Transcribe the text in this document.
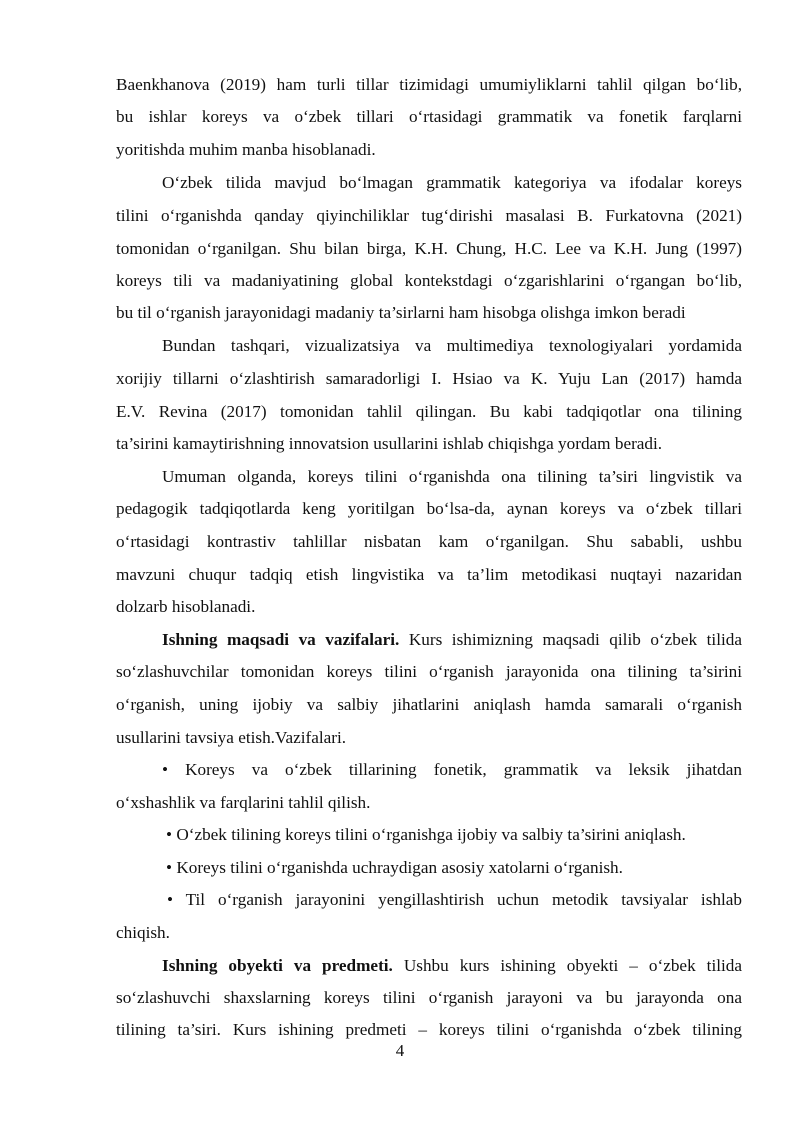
Baenkhanova (2019) ham turli tillar tizimidagi umumiyliklarni tahlil qilgan bo‘lib,
bu ishlar koreys va o‘zbek tillari o‘rtasidagi grammatik va fonetik farqlarni
yoritishda muhim manba hisoblanadi.
O‘zbek tilida mavjud bo‘lmagan grammatik kategoriya va ifodalar koreys
tilini o‘rganishda qanday qiyinchiliklar tug‘dirishi masalasi B. Furkatovna (2021)
tomonidan o‘rganilgan. Shu bilan birga, K.H. Chung, H.C. Lee va K.H. Jung (1997)
koreys tili va madaniyatining global kontekstdagi o‘zgarishlarini o‘rgangan bo‘lib,
bu til o‘rganish jarayonidagi madaniy ta’sirlarni ham hisobga olishga imkon beradi
Bundan tashqari, vizualizatsiya va multimediya texnologiyalari yordamida
xorijiy tillarni o‘zlashtirish samaradorligi I. Hsiao va K. Yuju Lan (2017) hamda
E.V. Revina (2017) tomonidan tahlil qilingan. Bu kabi tadqiqotlar ona tilining
ta’sirini kamaytirishning innovatsion usullarini ishlab chiqishga yordam beradi.
Umuman olganda, koreys tilini o‘rganishda ona tilining ta’siri lingvistik va
pedagogik tadqiqotlarda keng yoritilgan bo‘lsa-da, aynan koreys va o‘zbek tillari
o‘rtasidagi kontrastiv tahlillar nisbatan kam o‘rganilgan. Shu sababli, ushbu
mavzuni chuqur tadqiq etish lingvistika va ta’lim metodikasi nuqtayi nazaridan
dolzarb hisoblanadi.
Ishning maqsadi va vazifalari. Kurs ishimizning maqsadi qilib o‘zbek tilida
so‘zlashuvchilar tomonidan koreys tilini o‘rganish jarayonida ona tilining ta’sirini
o‘rganish, uning ijobiy va salbiy jihatlarini aniqlash hamda samarali o‘rganish
usullarini tavsiya etish.Vazifalari.
• Koreys va o‘zbek tillarining fonetik, grammatik va leksik jihatdan
o‘xshashlik va farqlarini tahlil qilish.
• O‘zbek tilining koreys tilini o‘rganishga ijobiy va salbiy ta’sirini aniqlash.
• Koreys tilini o‘rganishda uchraydigan asosiy xatolarni o‘rganish.
• Til o‘rganish jarayonini yengillashtirish uchun metodik tavsiyalar ishlab
chiqish.
Ishning obyekti va predmeti. Ushbu kurs ishining obyekti – o‘zbek tilida
so‘zlashuvchi shaxslarning koreys tilini o‘rganish jarayoni va bu jarayonda ona
tilining ta’siri. Kurs ishining predmeti – koreys tilini o‘rganishda o‘zbek tilining
4
